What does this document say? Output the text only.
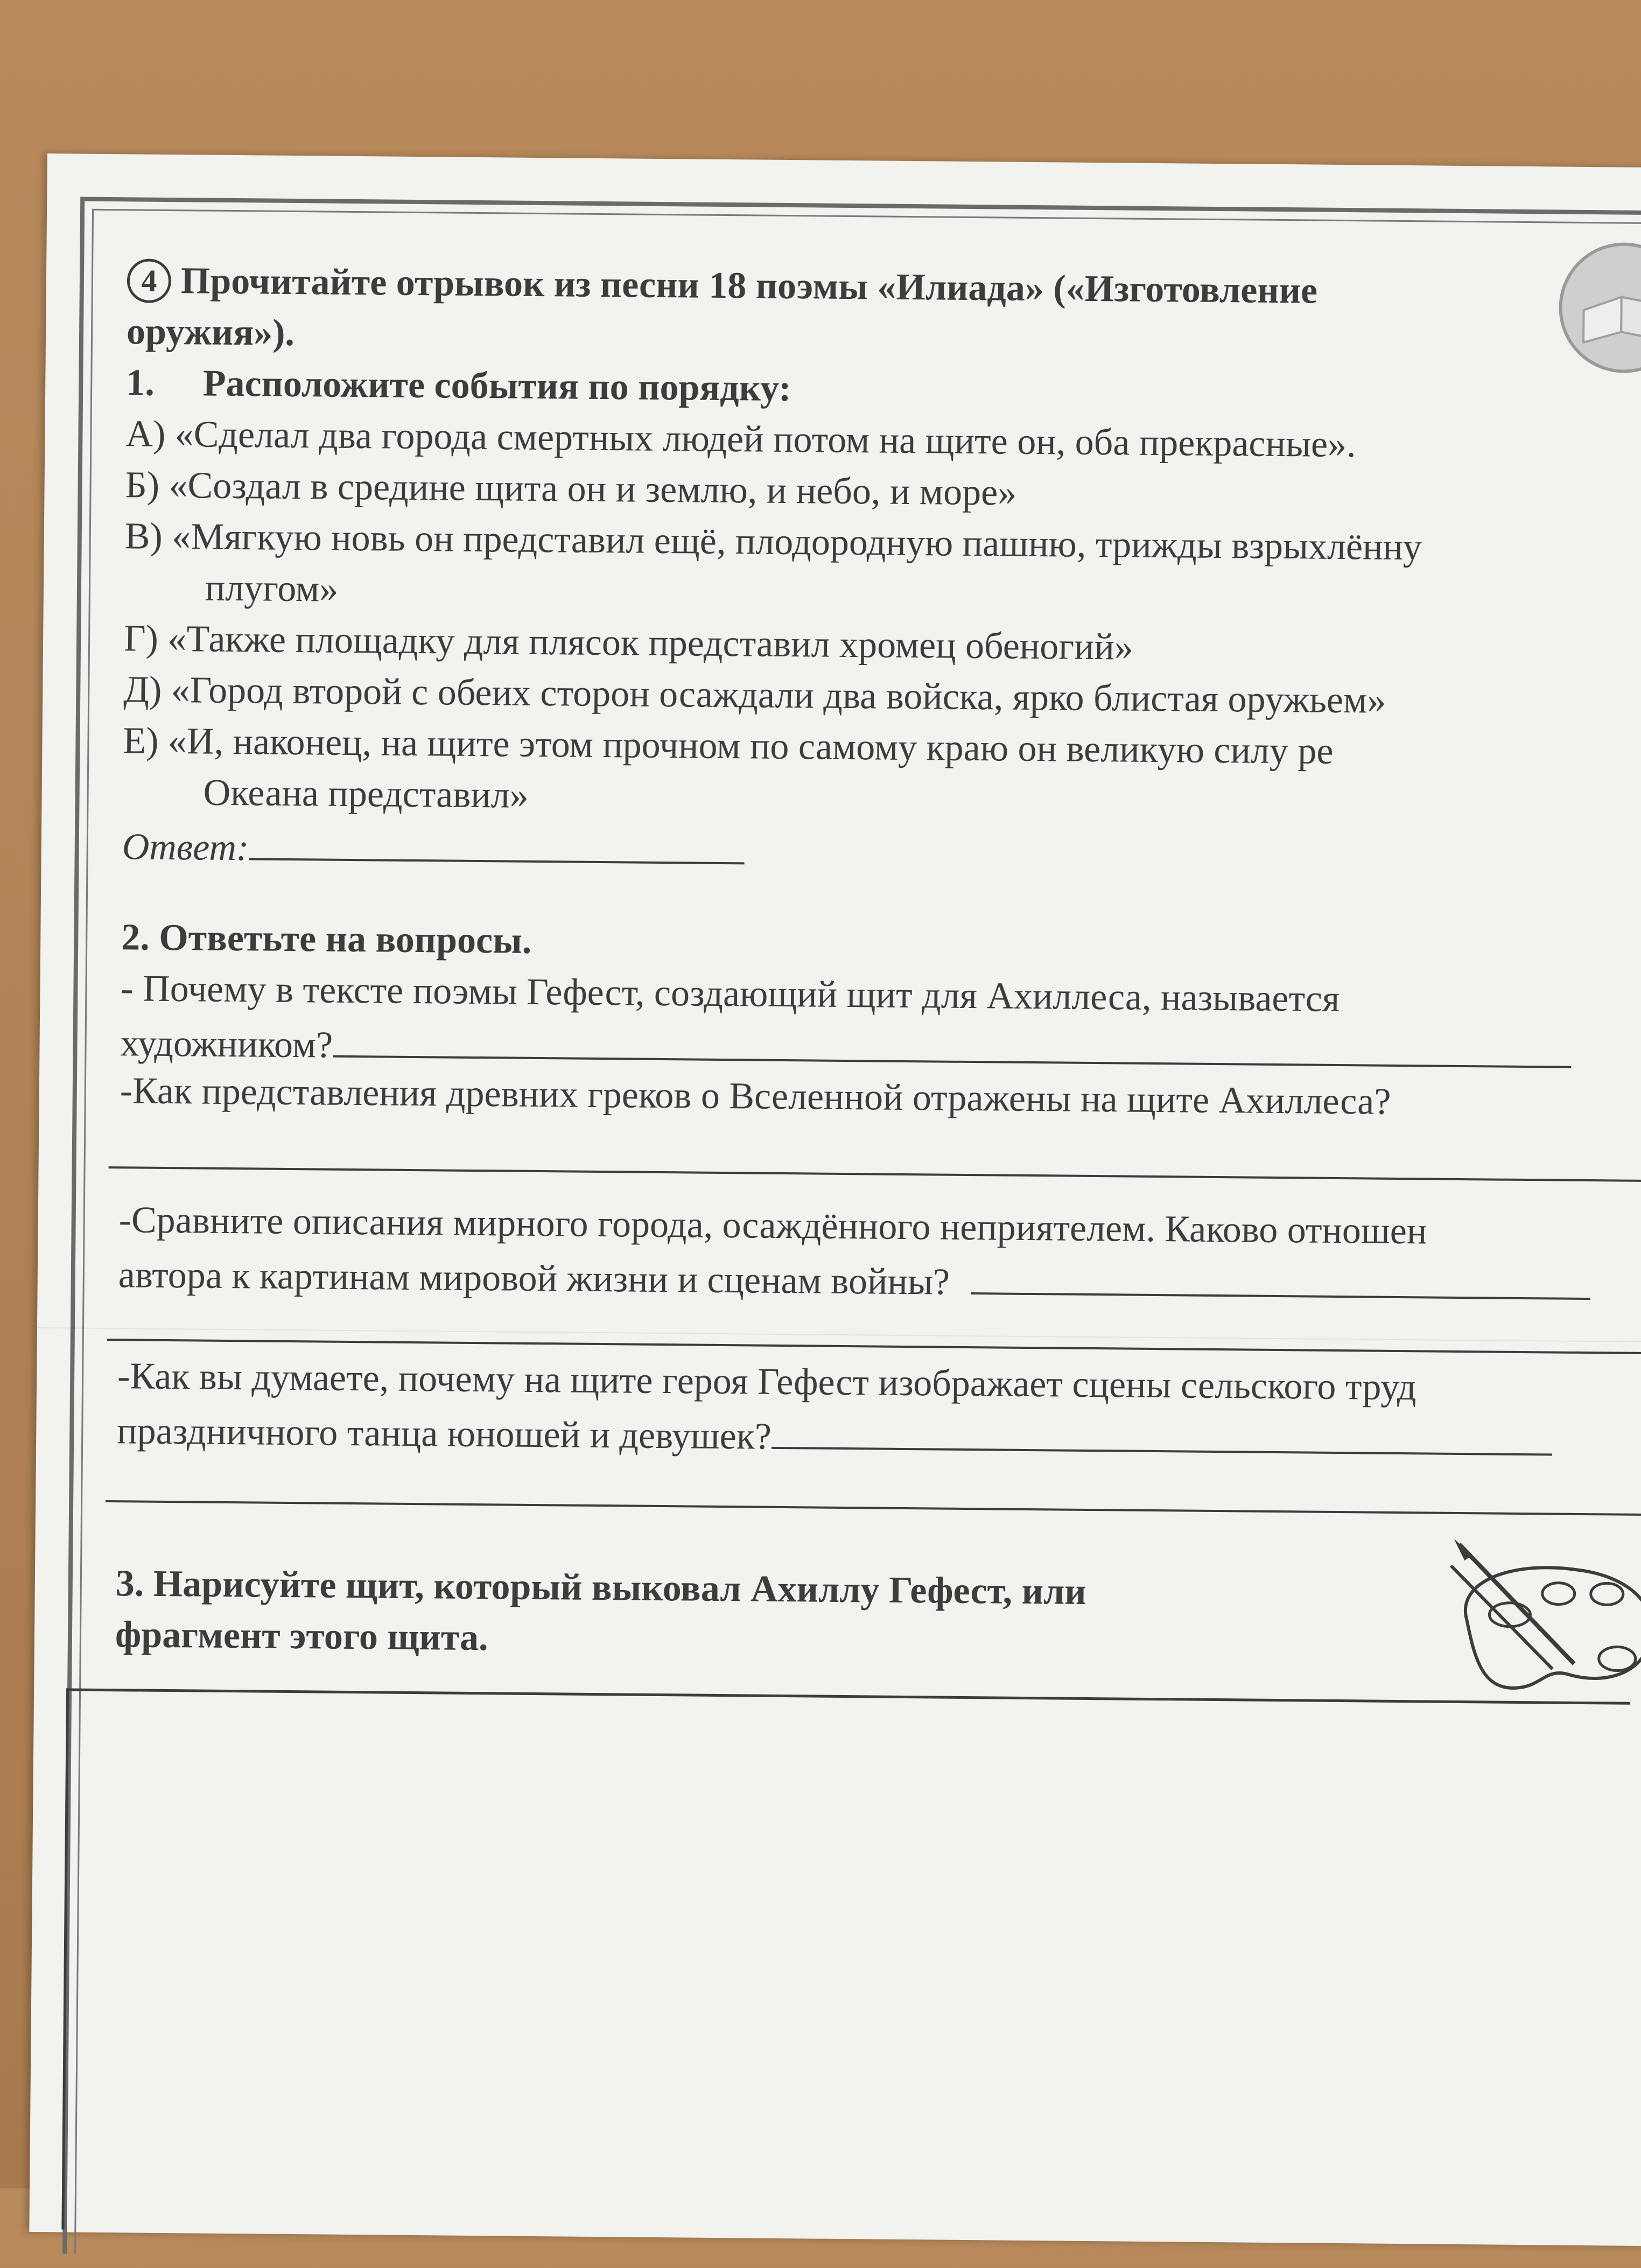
4 Прочитайте отрывок из песни 18 поэмы «Илиада» («Изготовление
оружия»).
1. Расположите события по порядку:
А) «Сделал два города смертных людей потом на щите он, оба прекрасные».
Б) «Создал в средине щита он и землю, и небо, и море»
В) «Мягкую новь он представил ещё, плодородную пашню, трижды взрыхлённу
плугом»
Г) «Также площадку для плясок представил хромец обеногий»
Д) «Город второй с обеих сторон осаждали два войска, ярко блистая оружьем»
Е) «И, наконец, на щите этом прочном по самому краю он великую силу ре
Океана представил»
Ответ:
2. Ответьте на вопросы.
- Почему в тексте поэмы Гефест, создающий щит для Ахиллеса, называется
художником?
-Как представления древних греков о Вселенной отражены на щите Ахиллеса?
-Сравните описания мирного города, осаждённого неприятелем. Каково отношен
автора к картинам мировой жизни и сценам войны?
-Как вы думаете, почему на щите героя Гефест изображает сцены сельского труд
праздничного танца юношей и девушек?
3. Нарисуйте щит, который выковал Ахиллу Гефест, или
фрагмент этого щита.
